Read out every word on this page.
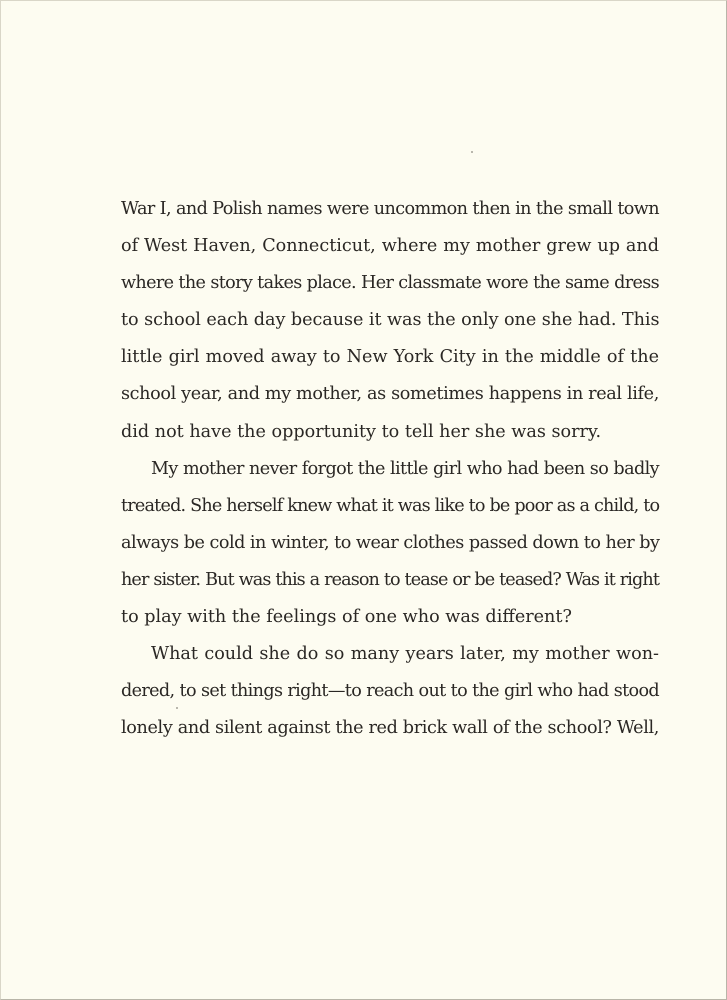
War I, and Polish names were uncommon then in the small town
of West Haven, Connecticut, where my mother grew up and
where the story takes place. Her classmate wore the same dress
to school each day because it was the only one she had. This
little girl moved away to New York City in the middle of the
school year, and my mother, as sometimes happens in real life,
did not have the opportunity to tell her she was sorry.
My mother never forgot the little girl who had been so badly
treated. She herself knew what it was like to be poor as a child, to
always be cold in winter, to wear clothes passed down to her by
her sister. But was this a reason to tease or be teased? Was it right
to play with the feelings of one who was different?
What could she do so many years later, my mother won-
dered, to set things right—to reach out to the girl who had stood
lonely and silent against the red brick wall of the school? Well,
